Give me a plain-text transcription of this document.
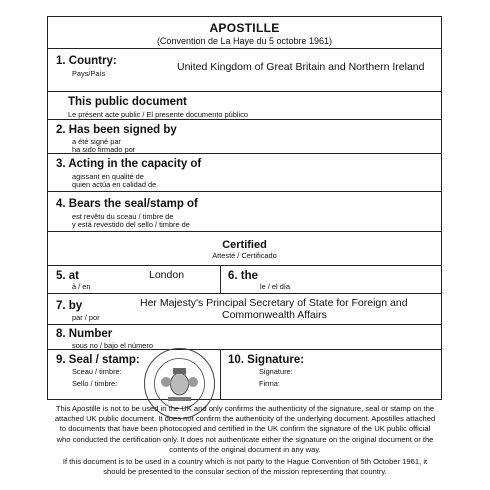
APOSTILLE
(Convention de La Haye du 5 octobre 1961)
1. Country:
Pays/País
United Kingdom of Great Britain and Northern Ireland
This public document
Le présent acte public / El presente documento público
2. Has been signed by
a été signé par
ha sido firmado por
3. Acting in the capacity of
agissant en qualité de
quien actúa en calidad de
4. Bears the seal/stamp of
est revêtu du sceau / timbre de
y está revestido del sello / timbre de
Certified
Attesté / Certificado
5. at
à / en
London	6. the
le / el día
7. by
par / por
Her Majesty's Principal Secretary of State for Foreign and
Commonwealth Affairs
8. Number
sous no / bajo el número
9. Seal / stamp:
Sceau / timbre:
Sello / timbre:
10. Signature:
Signature:
Firma:

This Apostille is not to be used in the UK and only confirms the authenticity of the signature, seal or stamp on the attached UK public document. It does not confirm the authenticity of the underlying document. Apostilles attached to documents that have been photocopied and certified in the UK confirm the signature of the UK public official who conducted the certification only. It does not authenticate either the signature on the original document or the contents of the original document in any way.

If this document is to be used in a country which is not party to the Hague Convention of 5th October 1961, it should be presented to the consular section of the mission representing that country.
